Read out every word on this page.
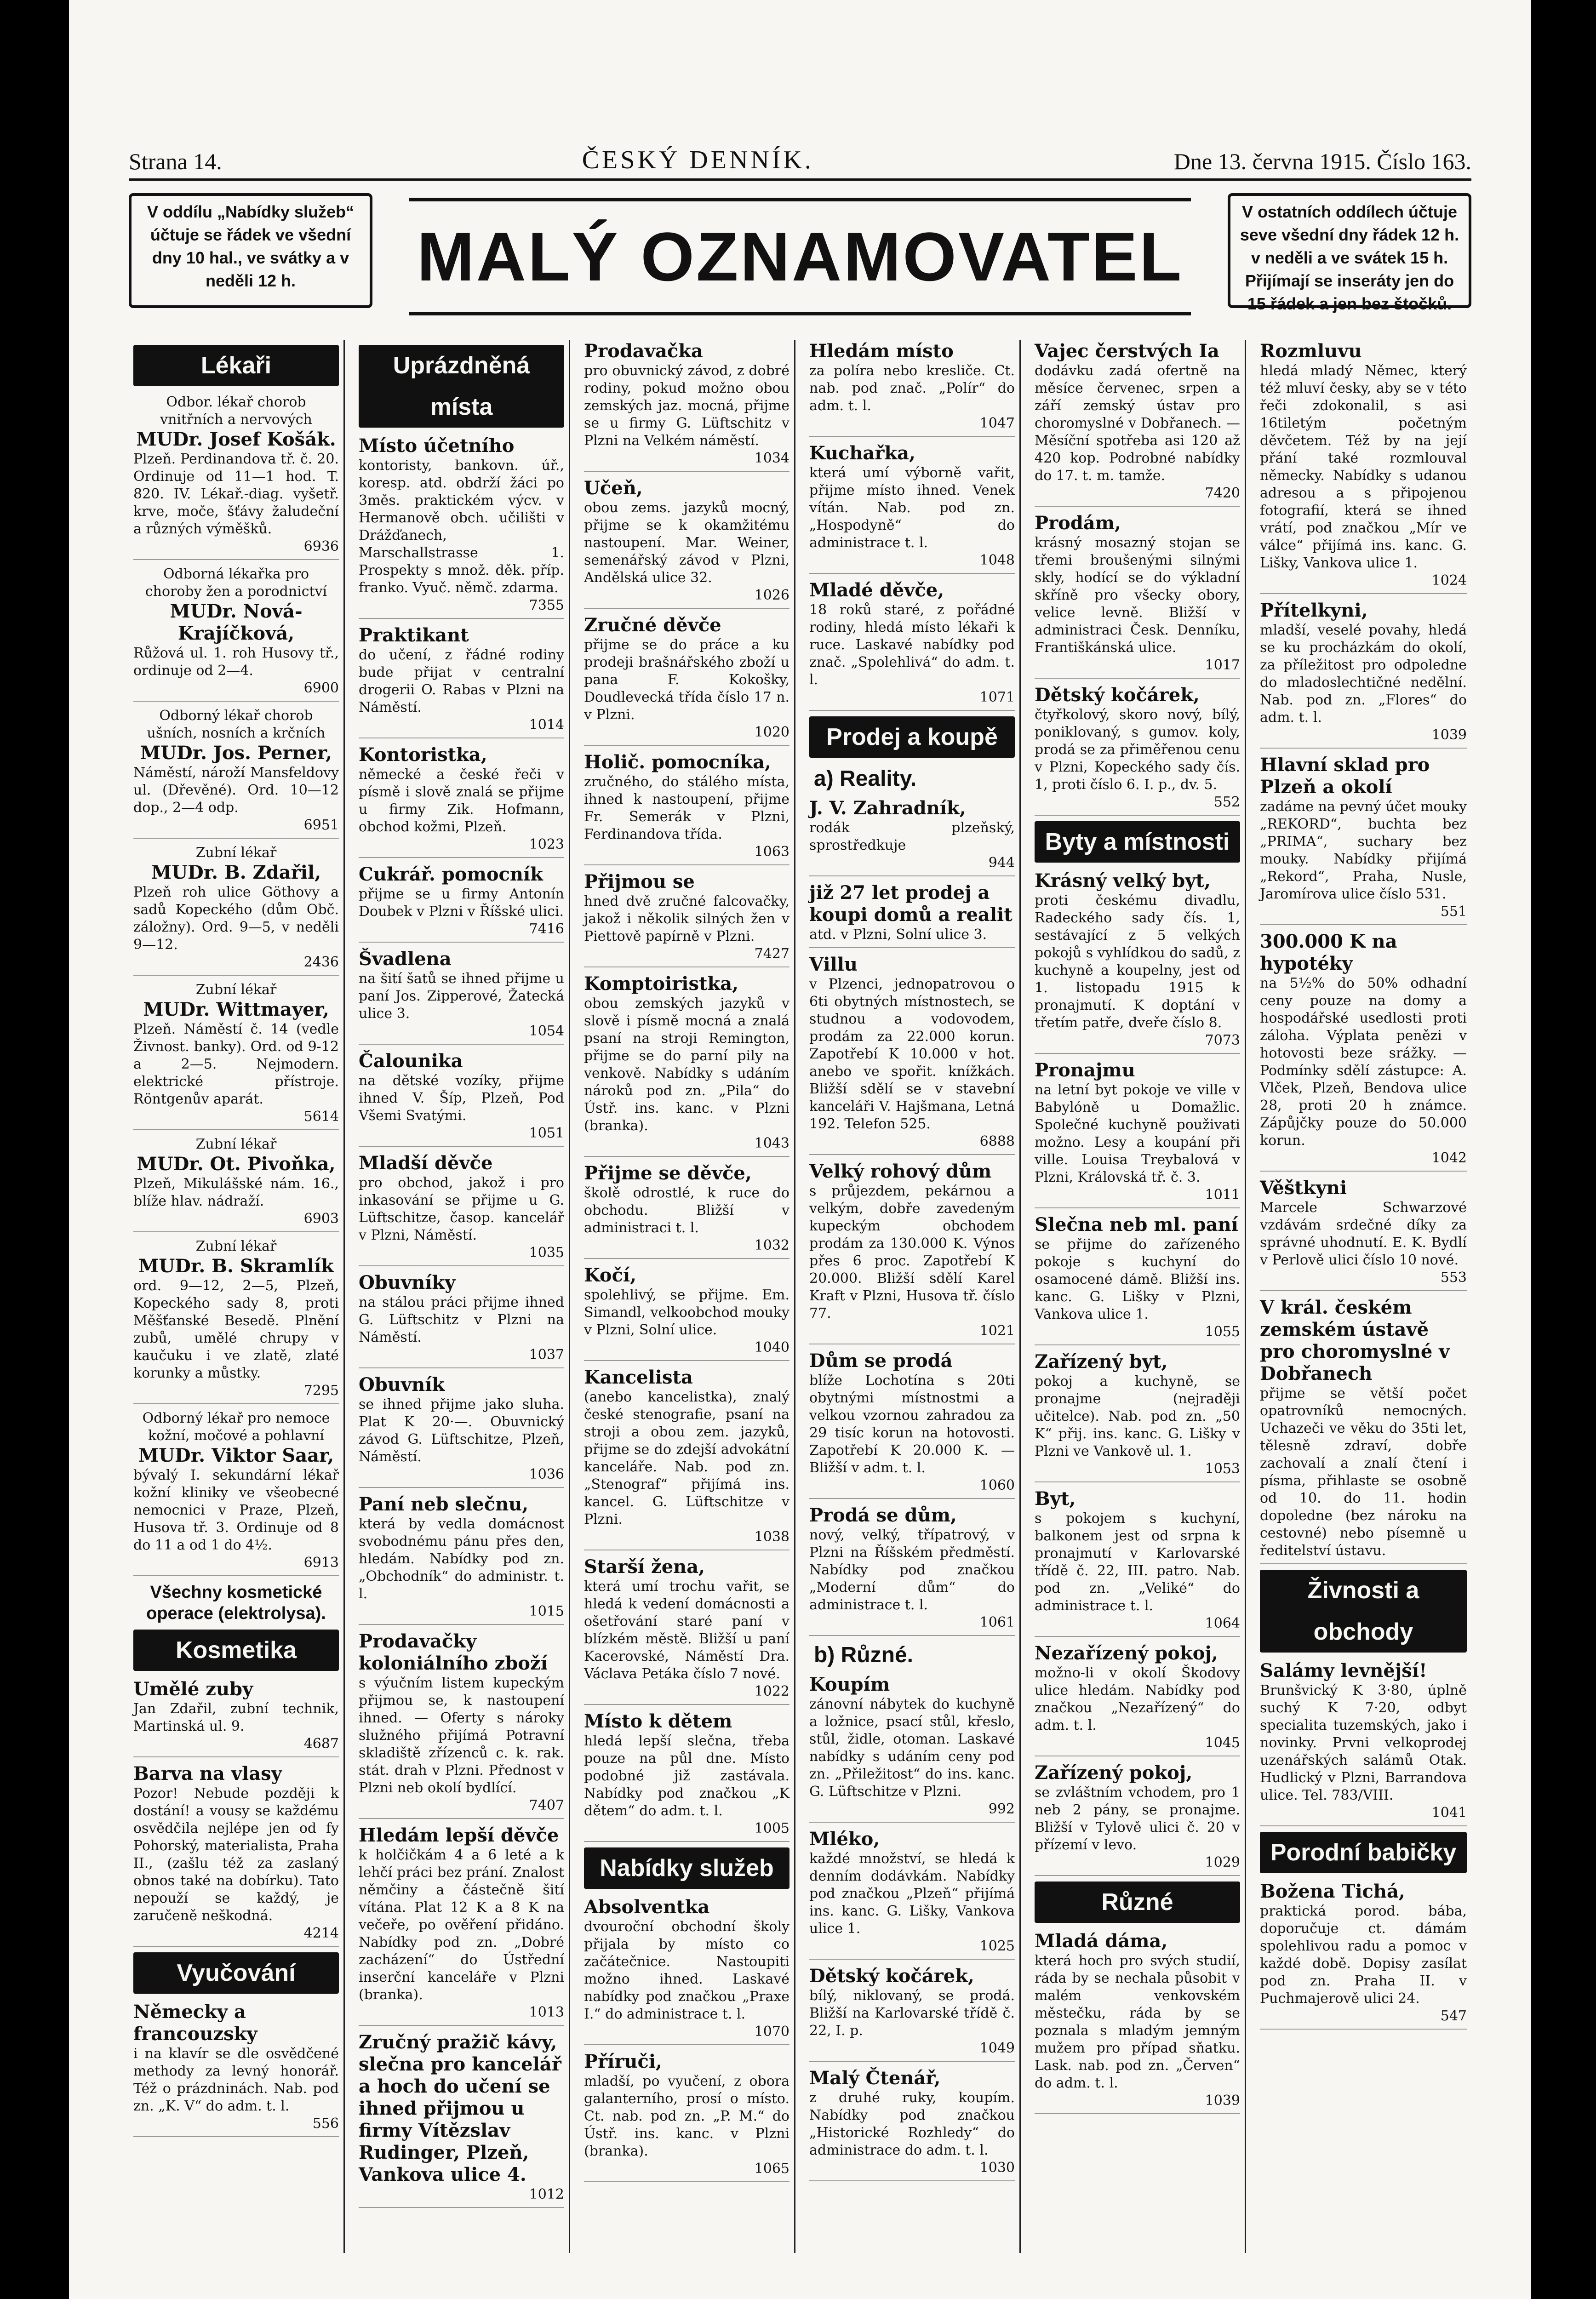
Strana 14.	ČESKÝ DENNÍK.	Dne 13. června 1915. Číslo 163.
V oddílu „Nabídky služeb“ účtuje se řádek ve všední dny 10 hal., ve svátky a v neděli 12 h.	MALÝ OZNAMOVATEL
V ostatních oddílech účtuje seve všední dny řádek 12 h. v neděli a ve svátek 15 h. Přijímají se inseráty jen do 15 řádek a jen bez štočků.
Lékaři
Odbor. lékař chorob vnitřních a nervových
MUDr. Josef Košák.
Plzeň. Perdinandova tř. č. 20. Ordinuje od 11—1 hod. T. 820. IV. Lékař.-diag. vyšetř. krve, moče, šťávy žaludeční a různých výměšků.
6936
Odborná lékařka pro choroby žen a porodnictví
MUDr. Nová-Krajíčková,
Růžová ul. 1. roh Husovy tř., ordinuje od 2—4.
6900
Odborný lékař chorob ušních, nosních a krčních
MUDr. Jos. Perner,
Náměstí, nároží Mansfeldovy ul. (Dřevěné). Ord. 10—12 dop., 2—4 odp.
6951
Zubní lékař
MUDr. B. Zdařil,
Plzeň roh ulice Göthovy a sadů Kopeckého (dům Obč. záložny). Ord. 9—5, v neděli 9—12.
2436
Zubní lékař
MUDr. Wittmayer,
Plzeň. Náměstí č. 14 (vedle Živnost. banky). Ord. od 9-12 a 2—5. Nejmodern. elektrické přístroje. Röntgenův aparát.
5614
Zubní lékař
MUDr. Ot. Pivoňka,
Plzeň, Mikulášské nám. 16., blíže hlav. nádraží.
6903
Zubní lékař
MUDr. B. Skramlík
ord. 9—12, 2—5, Plzeň, Kopeckého sady 8, proti Měšťanské Besedě. Plnění zubů, umělé chrupy v kaučuku i ve zlatě, zlaté korunky a můstky.
7295
Odborný lékař pro nemoce kožní, močové a pohlavní
MUDr. Viktor Saar,
bývalý I. sekundární lékař kožní kliniky ve všeobecné nemocnici v Praze, Plzeň, Husova tř. 3. Ordinuje od 8 do 11 a od 1 do 4½.
6913
Všechny kosmetické operace (elektrolysa).
Kosmetika
Umělé zuby
Jan Zdařil, zubní technik, Martinská ul. 9.
4687
Barva na vlasy
Pozor! Nebude později k dostání! a vousy se každému osvědčila nejlépe jen od fy Pohorský, materialista, Praha II., (zašlu též za zaslaný obnos také na dobírku). Tato nepouží se každý, je zaručeně neškodná.
4214
Vyučování
Německy a francouzsky
i na klavír se dle osvědčené methody za levný honorář. Též o prázdninách. Nab. pod zn. „K. V“ do adm. t. l.
556
Uprázdněná místa
Místo účetního
kontoristy, bankovn. úř., koresp. atd. obdrží žáci po 3měs. praktickém výcv. v Hermanově obch. učilišti v Drážďanech, Marschallstrasse 1. Prospekty s množ. děk. příp. franko. Vyuč. němč. zdarma.
7355
Praktikant
do učení, z řádné rodiny bude přijat v centralní drogerii O. Rabas v Plzni na Náměstí.
1014
Kontoristka,
německé a české řeči v písmě i slově znalá se přijme u firmy Zik. Hofmann, obchod kožmi, Plzeň.
1023
Cukrář. pomocník
přijme se u firmy Antonín Doubek v Plzni v Říšské ulici.
7416
Švadlena
na šití šatů se ihned přijme u paní Jos. Zipperové, Žatecká ulice 3.
1054
Čalounika
na dětské vozíky, přijme ihned V. Šíp, Plzeň, Pod Všemi Svatými.
1051
Mladší děvče
pro obchod, jakož i pro inkasování se přijme u G. Lüftschitze, časop. kancelář v Plzni, Náměstí.
1035
Obuvníky
na stálou práci přijme ihned G. Lüftschitz v Plzni na Náměstí.
1037
Obuvník
se ihned přijme jako sluha. Plat K 20·—. Obuvnický závod G. Lüftschitze, Plzeň, Náměstí.
1036
Paní neb slečnu,
která by vedla domácnost svobodnému pánu přes den, hledám. Nabídky pod zn. „Obchodník“ do administr. t. l.
1015
Prodavačky koloniálního zboží
s výučním listem kupeckým přijmou se, k nastoupení ihned. — Oferty s nároky služného přijímá Potravní skladiště zřízenců c. k. rak. stát. drah v Plzni. Přednost v Plzni neb okolí bydlící.
7407
Hledám lepší děvče
k holčičkám 4 a 6 leté a k lehčí práci bez prání. Znalost němčiny a částečně šití vítána. Plat 12 K a 8 K na večeře, po ověření přidáno. Nabídky pod zn. „Dobré zacházení“ do Ústřední inserční kanceláře v Plzni (branka).
1013
Zručný pražič kávy, slečna pro kancelář a hoch do učení se ihned přijmou u firmy Vítězslav Rudinger, Plzeň, Vankova ulice 4.
1012
Prodavačka
pro obuvnický závod, z dobré rodiny, pokud možno obou zemských jaz. mocná, přijme se u firmy G. Lüftschitz v Plzni na Velkém náměstí.
1034
Učeň,
obou zems. jazyků mocný, přijme se k okamžitému nastoupení. Mar. Weiner, semenářský závod v Plzni, Andělská ulice 32.
1026
Zručné děvče
přijme se do práce a ku prodeji brašnářského zboží u pana F. Kokošky, Doudlevecká třída číslo 17 n. v Plzni.
1020
Holič. pomocníka,
zručného, do stálého místa, ihned k nastoupení, přijme Fr. Semerák v Plzni, Ferdinandova třída.
1063
Přijmou se
hned dvě zručné falcovačky, jakož i několik silných žen v Piettově papírně v Plzni.
7427
Komptoiristka,
obou zemských jazyků v slově i písmě mocná a znalá psaní na stroji Remington, přijme se do parní pily na venkově. Nabídky s udáním nároků pod zn. „Pila“ do Ústř. ins. kanc. v Plzni (branka).
1043
Přijme se děvče,
školě odrostlé, k ruce do obchodu. Bližší v administraci t. l.
1032
Kočí,
spolehlivý, se přijme. Em. Simandl, velkoobchod mouky v Plzni, Solní ulice.
1040
Kancelista
(anebo kancelistka), znalý české stenografie, psaní na stroji a obou zem. jazyků, přijme se do zdejší advokátní kanceláře. Nab. pod zn. „Stenograf“ přijímá ins. kancel. G. Lüftschitze v Plzni.
1038
Starší žena,
která umí trochu vařit, se hledá k vedení domácnosti a ošetřování staré paní v blízkém městě. Bližší u paní Kacerovské, Náměstí Dra. Václava Petáka číslo 7 nové.
1022
Místo k dětem
hledá lepší slečna, třeba pouze na půl dne. Místo podobné již zastávala. Nabídky pod značkou „K dětem“ do adm. t. l.
1005
Nabídky služeb
Absolventka
dvouroční obchodní školy přijala by místo co začátečnice. Nastoupiti možno ihned. Laskavé nabídky pod značkou „Praxe I.“ do administrace t. l.
1070
Příruči,
mladší, po vyučení, z obora galanterního, prosí o místo. Ct. nab. pod zn. „P. M.“ do Ústř. ins. kanc. v Plzni (branka).
1065
Hledám místo
za políra nebo kresliče. Ct. nab. pod znač. „Polír“ do adm. t. l.
1047
Kuchařka,
která umí výborně vařit, přijme místo ihned. Venek vítán. Nab. pod zn. „Hospodyně“ do administrace t. l.
1048
Mladé děvče,
18 roků staré, z pořádné rodiny, hledá místo lékaři k ruce. Laskavé nabídky pod znač. „Spolehlivá“ do adm. t. l.
1071
Prodej a koupě
a) Reality.
J. V. Zahradník,
rodák plzeňský, sprostředkuje
944
již 27 let prodej a koupi domů a realit
atd. v Plzni, Solní ulice 3.
Villu
v Plzenci, jednopatrovou o 6ti obytných místnostech, se studnou a vodovodem, prodám za 22.000 korun. Zapotřebí K 10.000 v hot. anebo ve spořit. knížkách. Bližší sdělí se v stavební kanceláři V. Hajšmana, Letná 192. Telefon 525.
6888
Velký rohový dům
s průjezdem, pekárnou a velkým, dobře zavedeným kupeckým obchodem prodám za 130.000 K. Výnos přes 6 proc. Zapotřebí K 20.000. Bližší sdělí Karel Kraft v Plzni, Husova tř. číslo 77.
1021
Dům se prodá
blíže Lochotína s 20ti obytnými místnostmi a velkou vzornou zahradou za 29 tisíc korun na hotovosti. Zapotřebí K 20.000 K. — Bližší v adm. t. l.
1060
Prodá se dům,
nový, velký, třípatrový, v Plzni na Říšském předměstí. Nabídky pod značkou „Moderní dům“ do administrace t. l.
1061
b) Různé.
Koupím
zánovní nábytek do kuchyně a ložnice, psací stůl, křeslo, stůl, židle, otoman. Laskavé nabídky s udáním ceny pod zn. „Přiležitost“ do ins. kanc. G. Lüftschitze v Plzni.
992
Mléko,
každé množství, se hledá k denním dodávkám. Nabídky pod značkou „Plzeň“ přijímá ins. kanc. G. Lišky, Vankova ulice 1.
1025
Dětský kočárek,
bílý, niklovaný, se prodá. Bližší na Karlovarské třídě č. 22, I. p.
1049
Malý Čtenář,
z druhé ruky, koupím. Nabídky pod značkou „Historické Rozhledy“ do administrace do adm. t. l.
1030
Vajec čerstvých Ia
dodávku zadá ofertně na měsíce červenec, srpen a září zemský ústav pro choromyslné v Dobřanech. — Měsíční spotřeba asi 120 až 420 kop. Podrobné nabídky do 17. t. m. tamže.
7420
Prodám,
krásný mosazný stojan se třemi broušenými silnými skly, hodící se do výkladní skříně pro všecky obory, velice levně. Bližší v administraci Česk. Denníku, Františkánská ulice.
1017
Dětský kočárek,
čtyřkolový, skoro nový, bílý, poniklovaný, s gumov. koly, prodá se za přiměřenou cenu v Plzni, Kopeckého sady čís. 1, proti číslo 6. I. p., dv. 5.
552
Byty a místnosti
Krásný velký byt,
proti českému divadlu, Radeckého sady čís. 1, sestávající z 5 velkých pokojů s vyhlídkou do sadů, z kuchyně a koupelny, jest od 1. listopadu 1915 k pronajmutí. K doptání v třetím patře, dveře číslo 8.
7073
Pronajmu
na letní byt pokoje ve ville v Babylóně u Domažlic. Společné kuchyně použivati možno. Lesy a koupání při ville. Louisa Treybalová v Plzni, Královská tř. č. 3.
1011
Slečna neb ml. paní
se přijme do zařízeného pokoje s kuchyní do osamocené dámě. Bližší ins. kanc. G. Lišky v Plzni, Vankova ulice 1.
1055
Zařízený byt,
pokoj a kuchyně, se pronajme (nejraději učitelce). Nab. pod zn. „50 K“ přij. ins. kanc. G. Lišky v Plzni ve Vankově ul. 1.
1053
Byt,
s pokojem s kuchyní, balkonem jest od srpna k pronajmutí v Karlovarské třídě č. 22, III. patro. Nab. pod zn. „Veliké“ do administrace t. l.
1064
Nezařízený pokoj,
možno-li v okolí Škodovy ulice hledám. Nabídky pod značkou „Nezařízený“ do adm. t. l.
1045
Zařízený pokoj,
se zvláštním vchodem, pro 1 neb 2 pány, se pronajme. Bližší v Tylově ulici č. 20 v přízemí v levo.
1029
Různé
Mladá dáma,
která hoch pro svých studií, ráda by se nechala působit v malém venkovském městečku, ráda by se poznala s mladým jemným mužem pro případ sňatku. Lask. nab. pod zn. „Červen“ do adm. t. l.
1039
Rozmluvu
hledá mladý Němec, který též mluví česky, aby se v této řeči zdokonalil, s asi 16tiletým početným děvčetem. Též by na její přání také rozmlouval německy. Nabídky s udanou adresou a s připojenou fotografií, která se ihned vrátí, pod značkou „Mír ve válce“ přijímá ins. kanc. G. Lišky, Vankova ulice 1.
1024
Přítelkyni,
mladší, veselé povahy, hledá se ku procházkám do okolí, za příležitost pro odpoledne do mladoslechtičné nedělní. Nab. pod zn. „Flores“ do adm. t. l.
1039
Hlavní sklad pro Plzeň a okolí
zadáme na pevný účet mouky „REKORD“, buchta bez „PRIMA“, suchary bez mouky. Nabídky přijímá „Rekord“, Praha, Nusle, Jaromírova ulice číslo 531.
551
300.000 K na hypotéky
na 5½% do 50% odhadní ceny pouze na domy a hospodářské usedlosti proti záloha. Výplata penězi v hotovosti beze srážky. — Podmínky sdělí zástupce: A. Vlček, Plzeň, Bendova ulice 28, proti 20 h známce. Zápůjčky pouze do 50.000 korun.
1042
Věštkyni
Marcele Schwarzové vzdávám srdečné díky za správné uhodnutí. E. K. Bydlí v Perlově ulici číslo 10 nové.
553
V král. českém zemském ústavě pro choromyslné v Dobřanech
přijme se větší počet opatrovníků nemocných. Uchazeči ve věku do 35ti let, tělesně zdraví, dobře zachovalí a znalí čtení i písma, přihlaste se osobně od 10. do 11. hodin dopoledne (bez nároku na cestovné) nebo písemně u ředitelství ústavu.
Živnosti a obchody
Salámy levnější!
Brunšvický K 3·80, úplně suchý K 7·20, odbyt specialita tuzemských, jako i novinky. Prvni velkoprodej uzenářských salámů Otak. Hudlický v Plzni, Barrandova ulice. Tel. 783/VIII.
1041
Porodní babičky
Božena Tichá,
praktická porod. bába, doporučuje ct. dámám spolehlivou radu a pomoc v každé době. Dopisy zasílat pod zn. Praha II. v Puchmajerově ulici 24.
547
